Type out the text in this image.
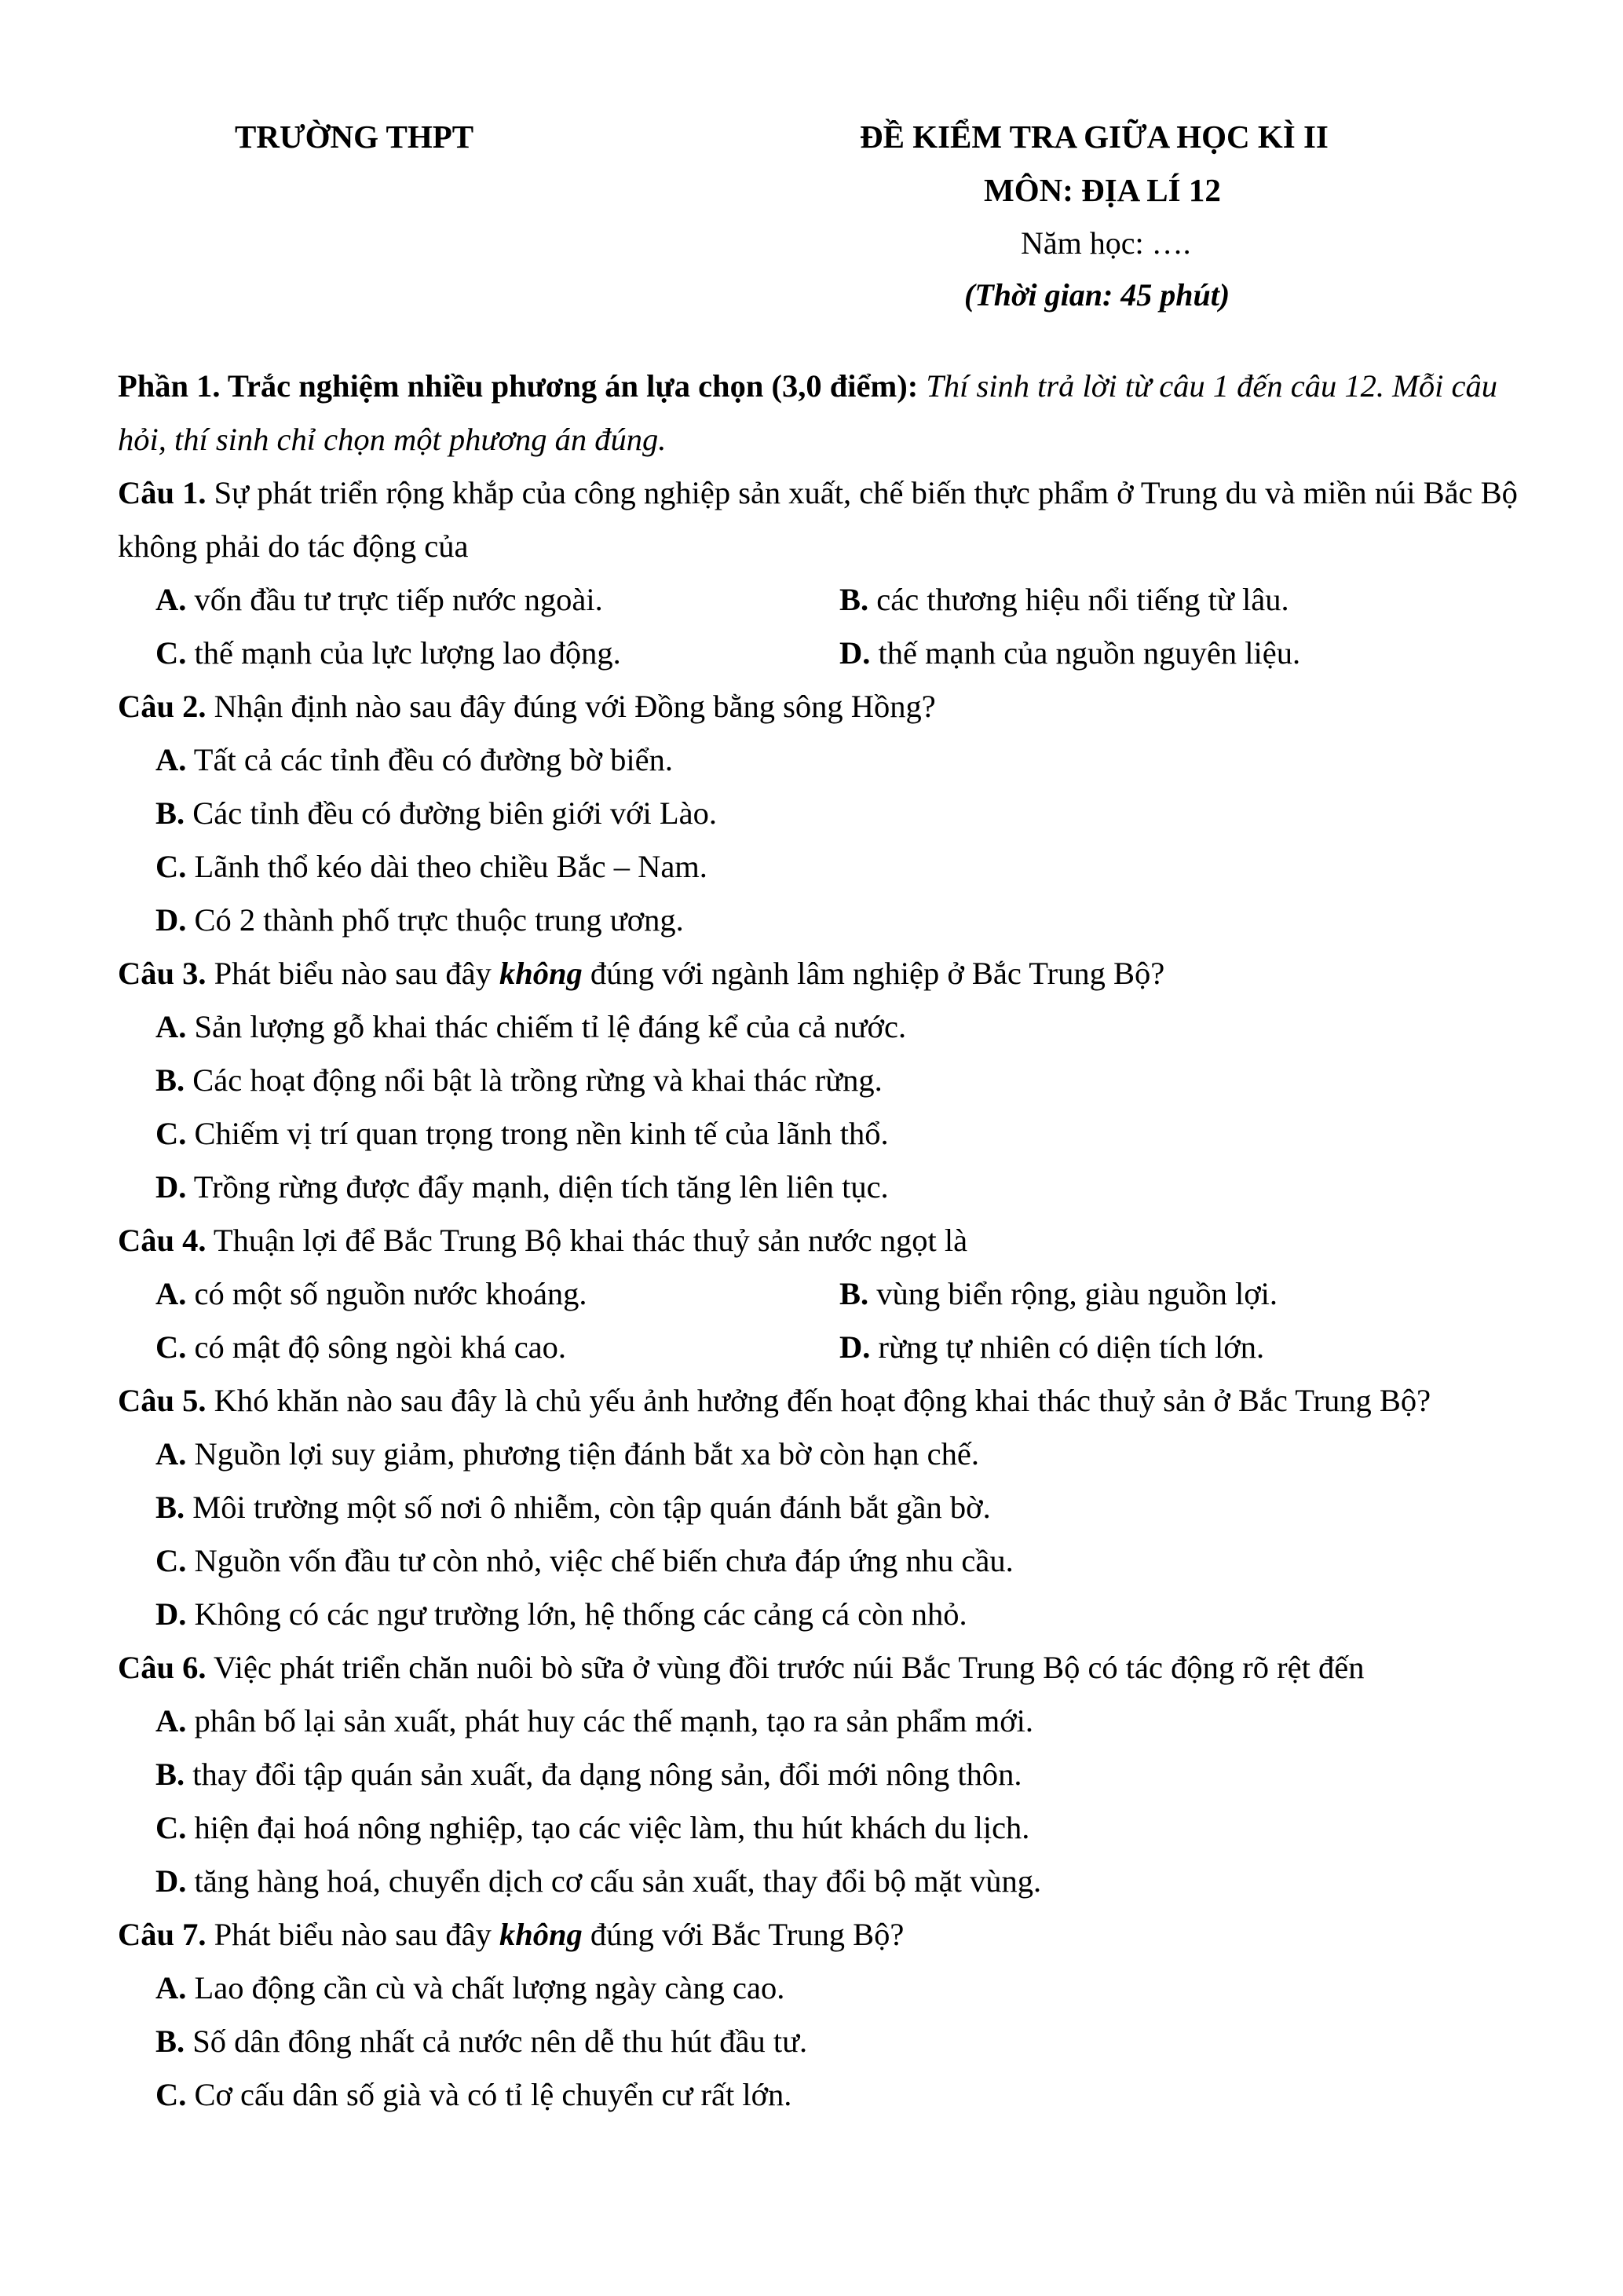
TRƯỜNG THPT	ĐỀ KIỂM TRA GIỮA HỌC KÌ II
MÔN: ĐỊA LÍ 12
Năm học: ….
(Thời gian: 45 phút)

Phần 1. Trắc nghiệm nhiều phương án lựa chọn (3,0 điểm): Thí sinh trả lời từ câu 1 đến câu 12. Mỗi câu hỏi, thí sinh chỉ chọn một phương án đúng.

Câu 1. Sự phát triển rộng khắp của công nghiệp sản xuất, chế biến thực phẩm ở Trung du và miền núi Bắc Bộ không phải do tác động của

A. vốn đầu tư trực tiếp nước ngoài.	B. các thương hiệu nổi tiếng từ lâu.
C. thế mạnh của lực lượng lao động.	D. thế mạnh của nguồn nguyên liệu.

Câu 2. Nhận định nào sau đây đúng với Đồng bằng sông Hồng?

A. Tất cả các tỉnh đều có đường bờ biển.
B. Các tỉnh đều có đường biên giới với Lào.
C. Lãnh thổ kéo dài theo chiều Bắc – Nam.
D. Có 2 thành phố trực thuộc trung ương.

Câu 3. Phát biểu nào sau đây không đúng với ngành lâm nghiệp ở Bắc Trung Bộ?

A. Sản lượng gỗ khai thác chiếm tỉ lệ đáng kể của cả nước.
B. Các hoạt động nổi bật là trồng rừng và khai thác rừng.
C. Chiếm vị trí quan trọng trong nền kinh tế của lãnh thổ.
D. Trồng rừng được đẩy mạnh, diện tích tăng lên liên tục.

Câu 4. Thuận lợi để Bắc Trung Bộ khai thác thuỷ sản nước ngọt là

A. có một số nguồn nước khoáng.	B. vùng biển rộng, giàu nguồn lợi.
C. có mật độ sông ngòi khá cao.	D. rừng tự nhiên có diện tích lớn.

Câu 5. Khó khăn nào sau đây là chủ yếu ảnh hưởng đến hoạt động khai thác thuỷ sản ở Bắc Trung Bộ?

A. Nguồn lợi suy giảm, phương tiện đánh bắt xa bờ còn hạn chế.
B. Môi trường một số nơi ô nhiễm, còn tập quán đánh bắt gần bờ.
C. Nguồn vốn đầu tư còn nhỏ, việc chế biến chưa đáp ứng nhu cầu.
D. Không có các ngư trường lớn, hệ thống các cảng cá còn nhỏ.

Câu 6. Việc phát triển chăn nuôi bò sữa ở vùng đồi trước núi Bắc Trung Bộ có tác động rõ rệt đến

A. phân bố lại sản xuất, phát huy các thế mạnh, tạo ra sản phẩm mới.
B. thay đổi tập quán sản xuất, đa dạng nông sản, đổi mới nông thôn.
C. hiện đại hoá nông nghiệp, tạo các việc làm, thu hút khách du lịch.
D. tăng hàng hoá, chuyển dịch cơ cấu sản xuất, thay đổi bộ mặt vùng.

Câu 7. Phát biểu nào sau đây không đúng với Bắc Trung Bộ?

A. Lao động cần cù và chất lượng ngày càng cao.
B. Số dân đông nhất cả nước nên dễ thu hút đầu tư.
C. Cơ cấu dân số già và có tỉ lệ chuyển cư rất lớn.
